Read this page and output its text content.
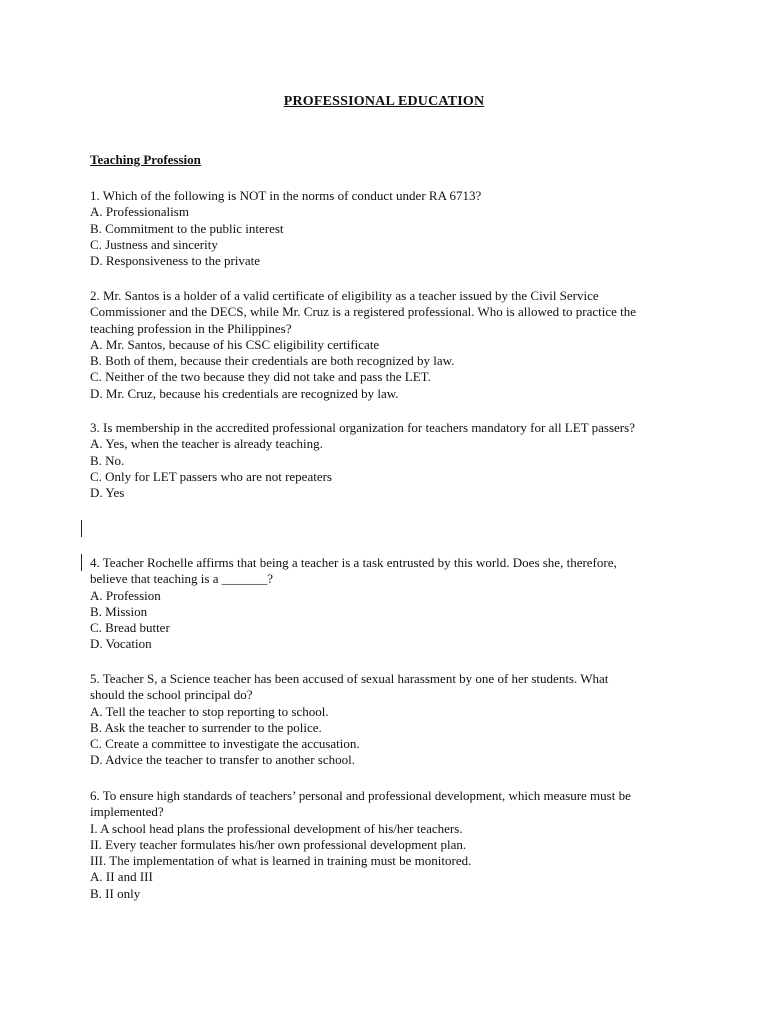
PROFESSIONAL EDUCATION
Teaching Profession
1. Which of the following is NOT in the norms of conduct under RA 6713?
A. Professionalism
B. Commitment to the public interest
C. Justness and sincerity
D. Responsiveness to the private
2. Mr. Santos is a holder of a valid certificate of eligibility as a teacher issued by the Civil Service
Commissioner and the DECS, while Mr. Cruz is a registered professional. Who is allowed to practice the
teaching profession in the Philippines?
A. Mr. Santos, because of his CSC eligibility certificate
B. Both of them, because their credentials are both recognized by law.
C. Neither of the two because they did not take and pass the LET.
D. Mr. Cruz, because his credentials are recognized by law.
3. Is membership in the accredited professional organization for teachers mandatory for all LET passers?
A. Yes, when the teacher is already teaching.
B. No.
C. Only for LET passers who are not repeaters
D. Yes
4. Teacher Rochelle affirms that being a teacher is a task entrusted by this world. Does she, therefore,
believe that teaching is a _______?
A. Profession
B. Mission
C. Bread butter
D. Vocation
5. Teacher S, a Science teacher has been accused of sexual harassment by one of her students. What
should the school principal do?
A. Tell the teacher to stop reporting to school.
B. Ask the teacher to surrender to the police.
C. Create a committee to investigate the accusation.
D. Advice the teacher to transfer to another school.
6. To ensure high standards of teachers’ personal and professional development, which measure must be
implemented?
I. A school head plans the professional development of his/her teachers.
II. Every teacher formulates his/her own professional development plan.
III. The implementation of what is learned in training must be monitored.
A. II and III
B. II only
